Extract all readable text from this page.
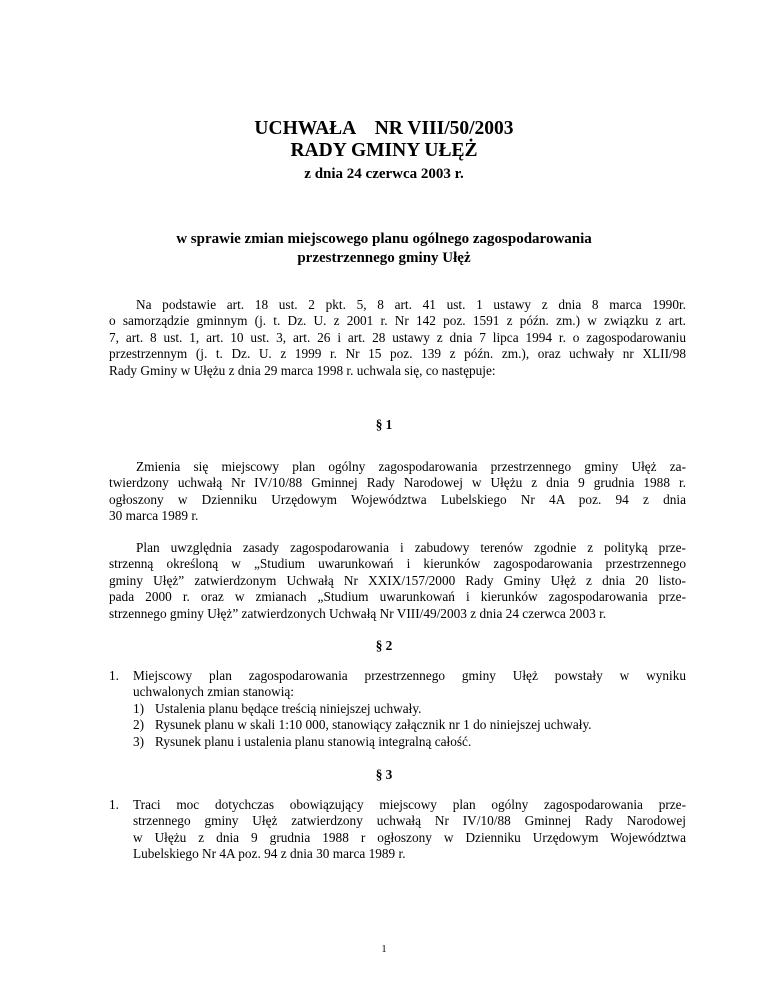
UCHWAŁA    NR VIII/50/2003
RADY GMINY UŁĘŻ
z dnia 24 czerwca 2003 r.
w sprawie zmian miejscowego planu ogólnego zagospodarowania
przestrzennego gminy Ułęż
Na podstawie art. 18 ust. 2 pkt. 5, 8 art. 41 ust. 1 ustawy z dnia 8 marca 1990r.
o samorządzie gminnym (j. t. Dz. U. z 2001 r. Nr 142 poz. 1591 z późn. zm.) w związku z art.
7, art. 8 ust. 1, art. 10 ust. 3, art. 26 i art. 28 ustawy z dnia 7 lipca 1994 r. o zagospodarowaniu
przestrzennym (j. t. Dz. U. z 1999 r. Nr 15 poz. 139 z późn. zm.), oraz uchwały nr XLII/98
Rady Gminy w Ułężu z dnia 29 marca 1998 r. uchwala się, co następuje:
§ 1
Zmienia się miejscowy plan ogólny zagospodarowania przestrzennego gminy Ułęż za-
twierdzony uchwałą Nr IV/10/88 Gminnej Rady Narodowej w Ułężu z dnia 9 grudnia 1988 r.
ogłoszony w Dzienniku Urzędowym Województwa Lubelskiego Nr 4A poz. 94 z dnia
30 marca 1989 r.
Plan uwzględnia zasady zagospodarowania i zabudowy terenów zgodnie z polityką prze-
strzenną określoną w „Studium uwarunkowań i kierunków zagospodarowania przestrzennego
gminy Ułęż” zatwierdzonym Uchwałą Nr XXIX/157/2000 Rady Gminy Ułęż z dnia 20 listo-
pada 2000 r. oraz w zmianach „Studium uwarunkowań i kierunków zagospodarowania prze-
strzennego gminy Ułęż” zatwierdzonych Uchwałą Nr VIII/49/2003 z dnia 24 czerwca 2003 r.
§ 2
1. Miejscowy plan zagospodarowania przestrzennego gminy Ułęż powstały w wyniku
uchwalonych zmian stanowią:
1) Ustalenia planu będące treścią niniejszej uchwały.
2) Rysunek planu w skali 1:10 000, stanowiący załącznik nr 1 do niniejszej uchwały.
3) Rysunek planu i ustalenia planu stanowią integralną całość.
§ 3
1. Traci moc dotychczas obowiązujący miejscowy plan ogólny zagospodarowania prze-
strzennego gminy Ułęż zatwierdzony uchwałą Nr IV/10/88 Gminnej Rady Narodowej
w Ułężu z dnia 9 grudnia 1988 r ogłoszony w Dzienniku Urzędowym Województwa
Lubelskiego Nr 4A poz. 94 z dnia 30 marca 1989 r.
1
